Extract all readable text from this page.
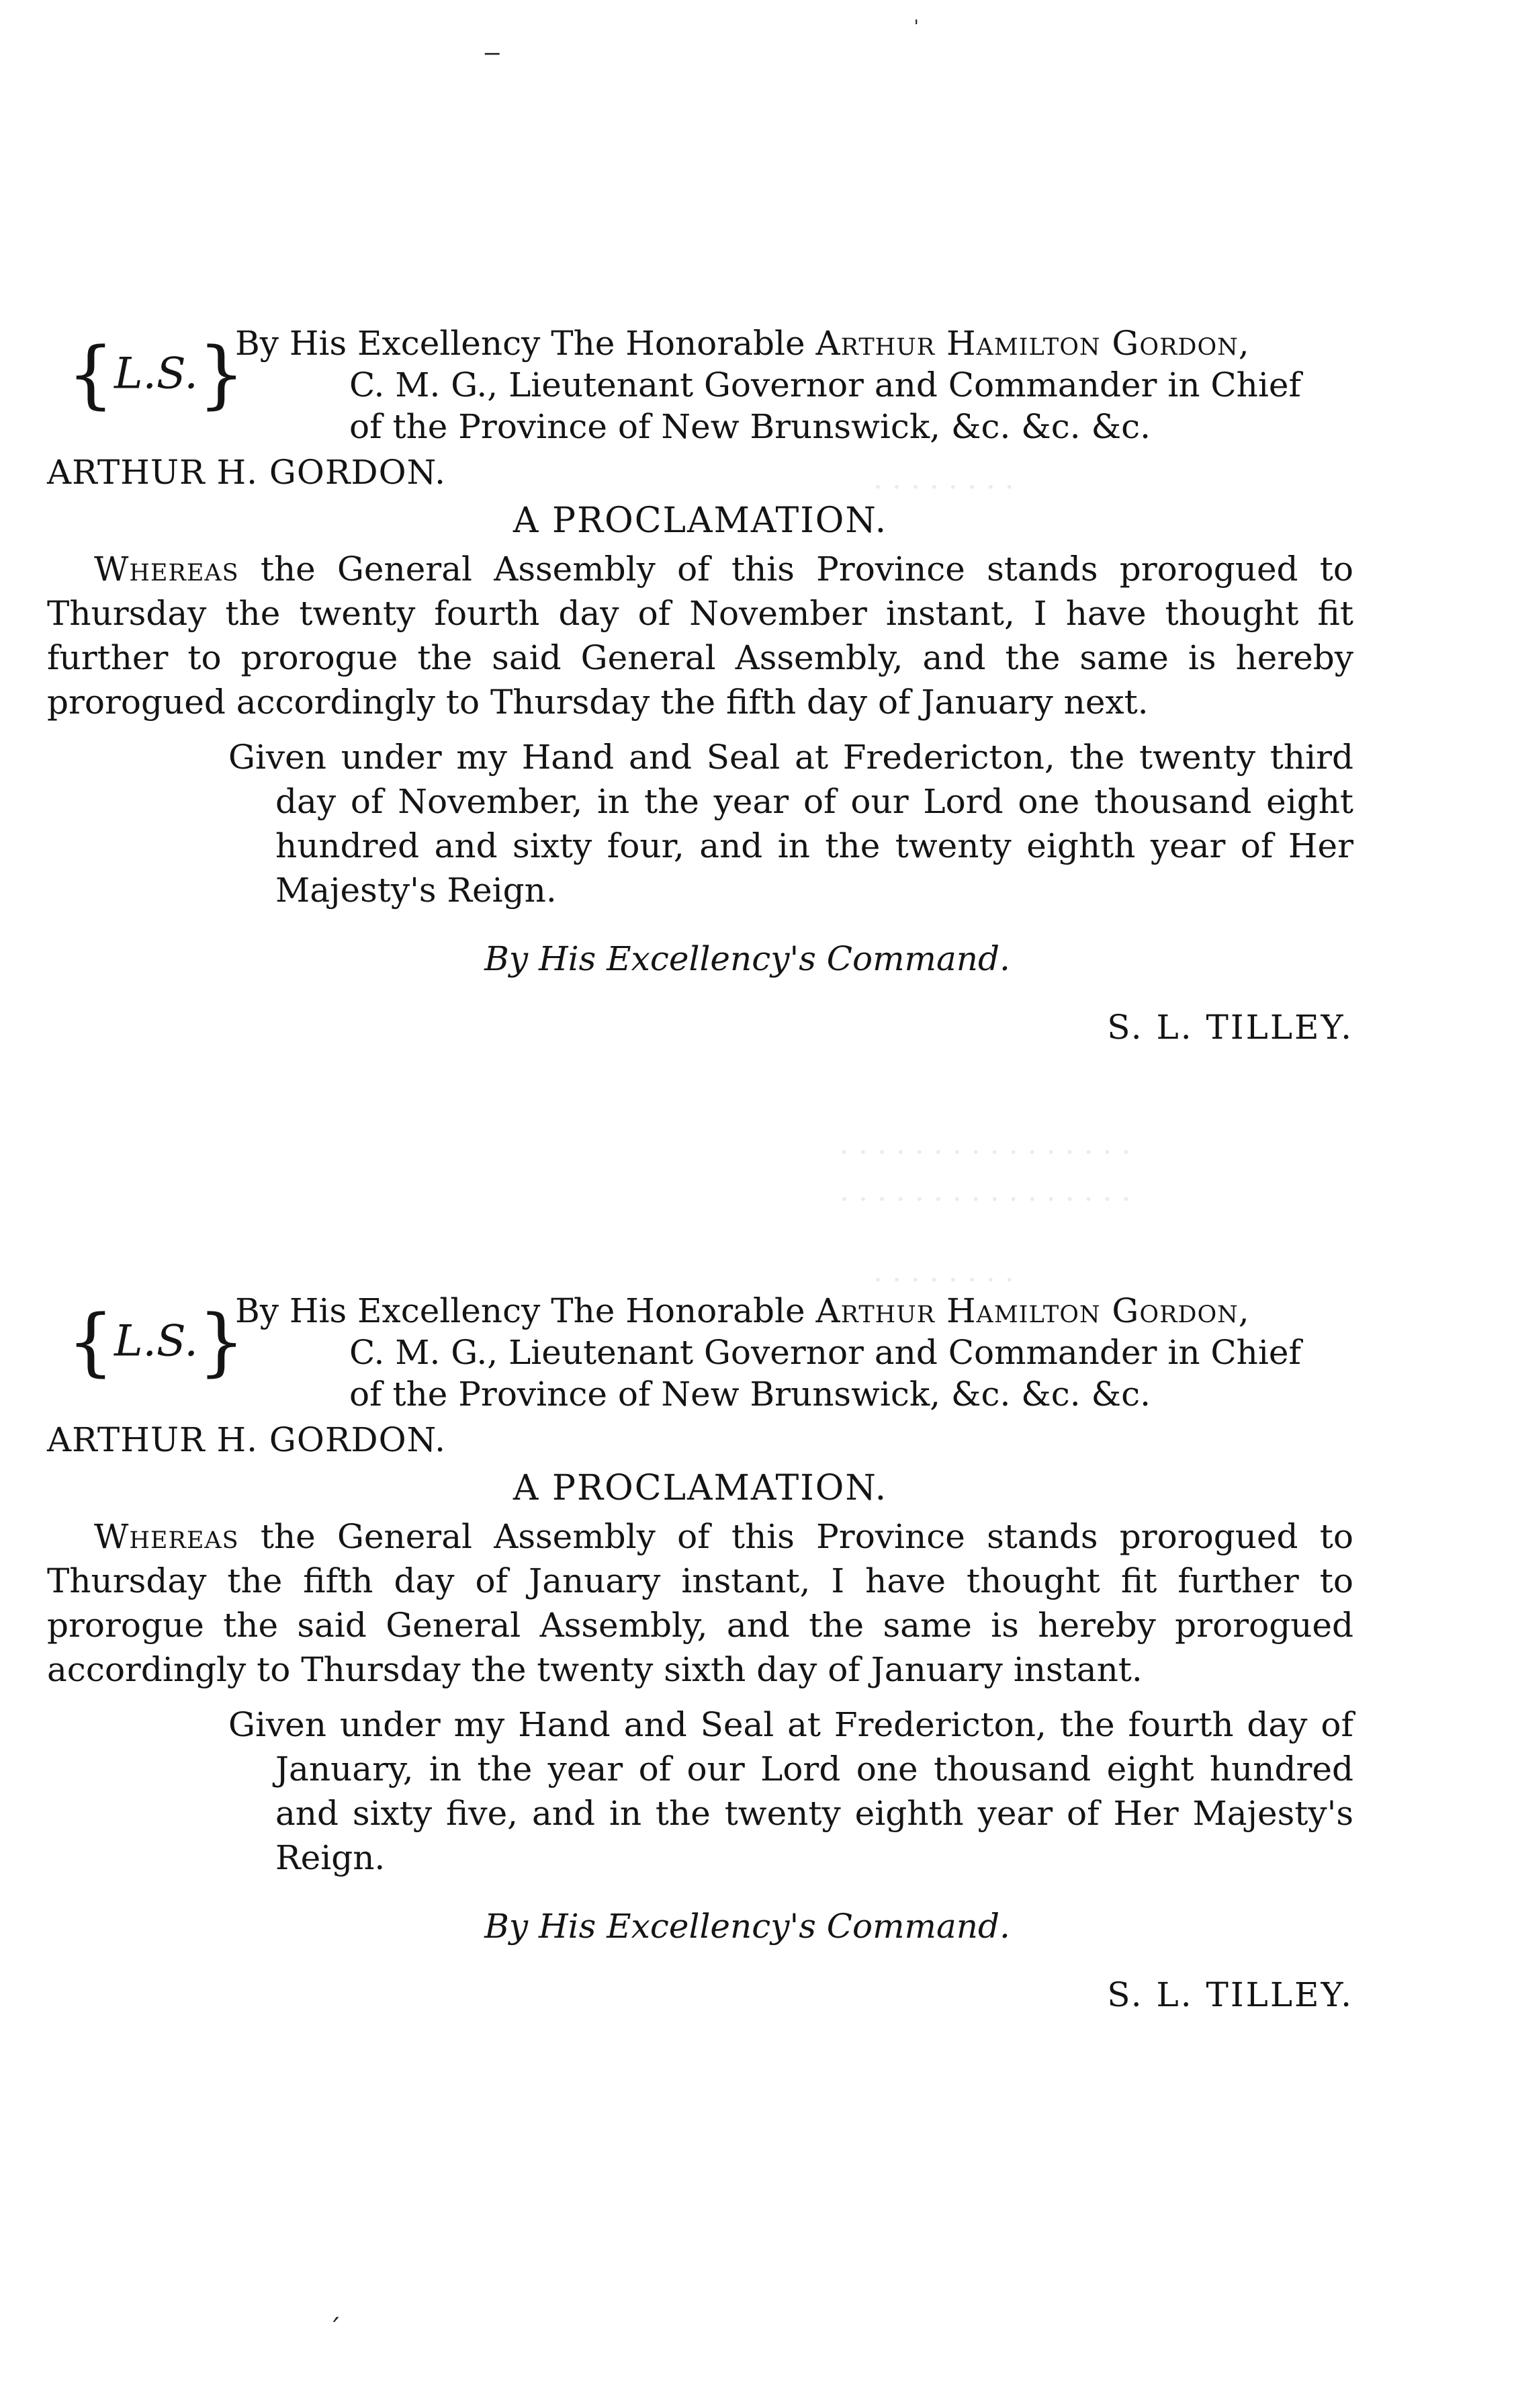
· · · · · · · ·
· · · · · · · · · · · · · · · ·
· · · · · · · · · · · · · · · ·
· · · · · · · ·
‒
ˈ
ˊ
{L.S.}
By His Excellency The Honorable Arthur Hamilton Gordon,
C. M. G., Lieutenant Governor and Commander in Chief
of the Province of New Brunswick, &c. &c. &c.
ARTHUR H. GORDON.
A PROCLAMATION.
Whereas the General Assembly of this Province stands prorogued to Thursday the twenty fourth day of November instant, I have thought fit further to prorogue the said General Assembly, and the same is hereby prorogued accordingly to Thursday the fifth day of January next.
Given under my Hand and Seal at Fredericton, the twenty third day of November, in the year of our Lord one thousand eight hundred and sixty four, and in the twenty eighth year of Her Majesty's Reign.
By His Excellency's Command.
S. L. TILLEY.
{L.S.}
By His Excellency The Honorable Arthur Hamilton Gordon,
C. M. G., Lieutenant Governor and Commander in Chief
of the Province of New Brunswick, &c. &c. &c.
ARTHUR H. GORDON.
A PROCLAMATION.
Whereas the General Assembly of this Province stands prorogued to Thursday the fifth day of January instant, I have thought fit further to prorogue the said General Assembly, and the same is hereby prorogued accordingly to Thursday the twenty sixth day of January instant.
Given under my Hand and Seal at Fredericton, the fourth day of January, in the year of our Lord one thousand eight hundred and sixty five, and in the twenty eighth year of Her Majesty's Reign.
By His Excellency's Command.
S. L. TILLEY.
